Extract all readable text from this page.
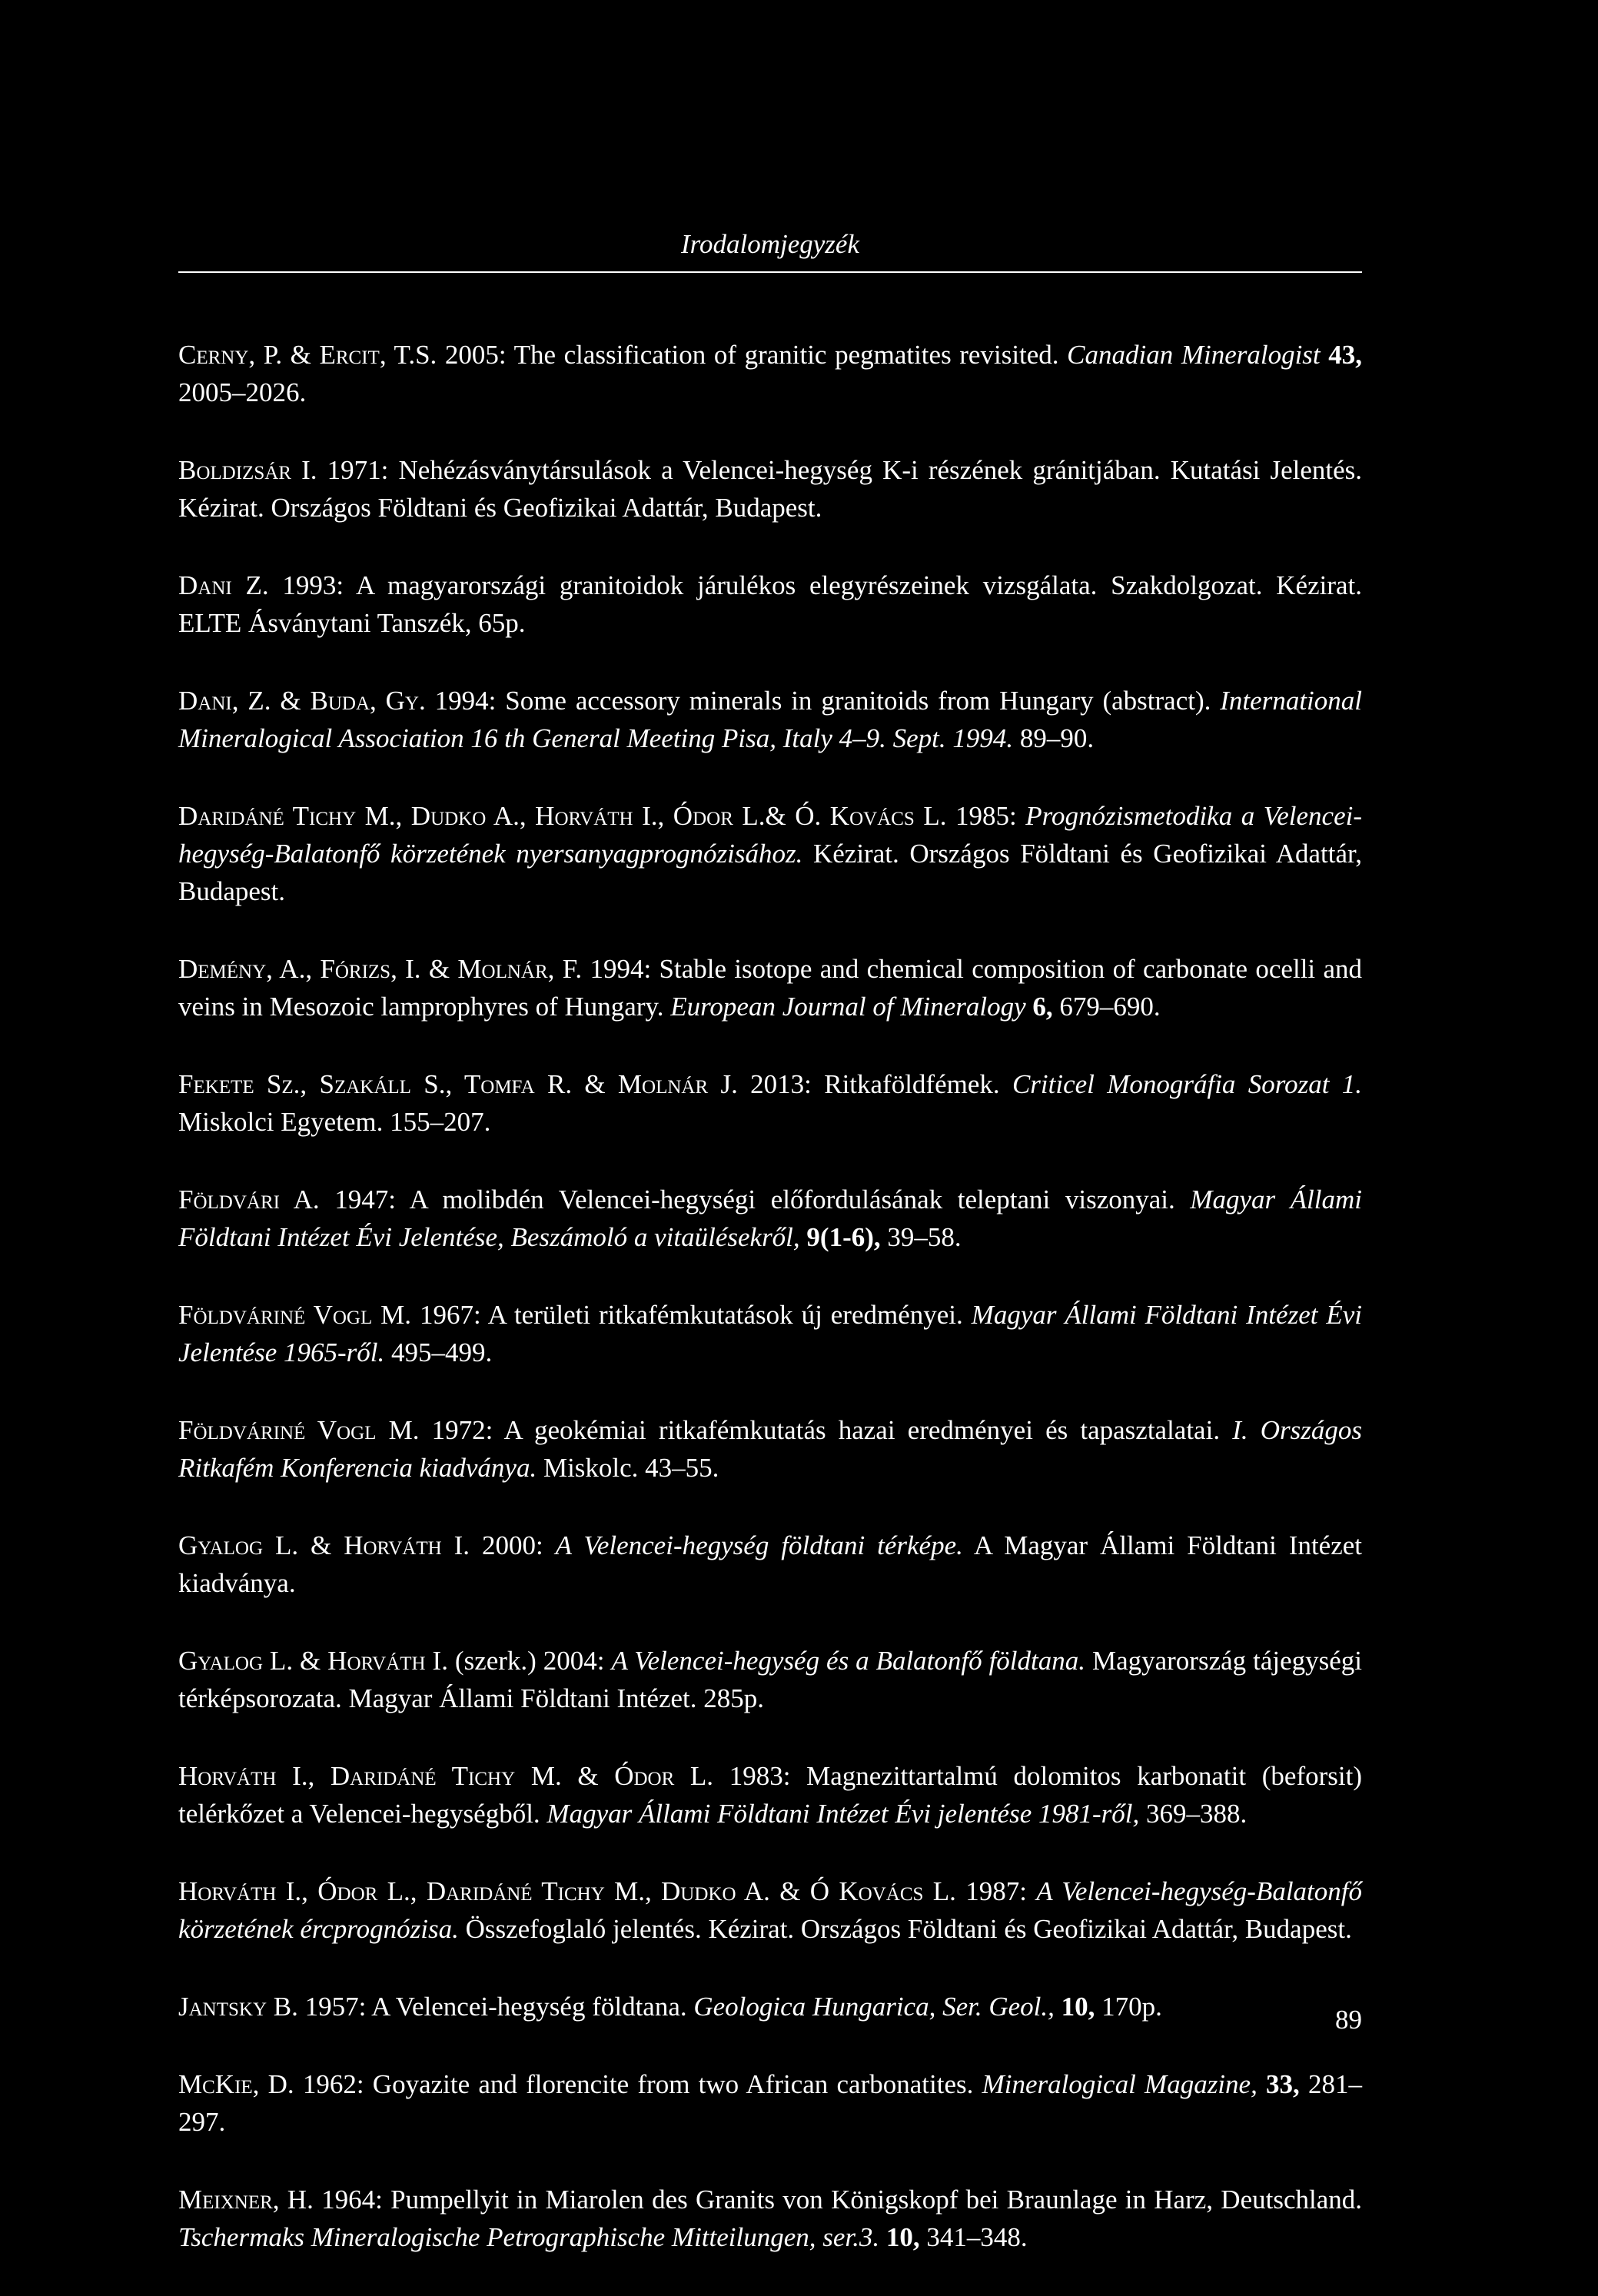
Irodalomjegyzék
Cerny, P. & Ercit, T.S. 2005: The classification of granitic pegmatites revisited. Canadian Mineralogist 43, 2005–2026.
Boldizsár I. 1971: Nehézásványtársulások a Velencei-hegység K-i részének gránitjában. Kutatási Jelentés. Kézirat. Országos Földtani és Geofizikai Adattár, Budapest.
Dani Z. 1993: A magyarországi granitoidok járulékos elegyrészeinek vizsgálata. Szakdolgozat. Kézirat. ELTE Ásványtani Tanszék, 65p.
Dani, Z. & Buda, Gy. 1994: Some accessory minerals in granitoids from Hungary (abstract). International Mineralogical Association 16 th General Meeting Pisa, Italy 4–9. Sept. 1994. 89–90.
Daridáné Tichy M., Dudko A., Horváth I., Ódor L.& Ó. Kovács L. 1985: Prognózismetodika a Velencei-hegység-Balatonfő körzetének nyersanyagprognózisához. Kézirat. Országos Földtani és Geofizikai Adattár, Budapest.
Demény, A., Fórizs, I. & Molnár, F. 1994: Stable isotope and chemical composition of carbonate ocelli and veins in Mesozoic lamprophyres of Hungary. European Journal of Mineralogy 6, 679–690.
Fekete Sz., Szakáll S., Tomfa R. & Molnár J. 2013: Ritkaföldfémek. Criticel Monográfia Sorozat 1. Miskolci Egyetem. 155–207.
Földvári A. 1947: A molibdén Velencei-hegységi előfordulásának teleptani viszonyai. Magyar Állami Földtani Intézet Évi Jelentése, Beszámoló a vitaülésekről, 9(1-6), 39–58.
Földváriné Vogl M. 1967: A területi ritkafémkutatások új eredményei. Magyar Állami Földtani Intézet Évi Jelentése 1965-ről. 495–499.
Földváriné Vogl M. 1972: A geokémiai ritkafémkutatás hazai eredményei és tapasztalatai. I. Országos Ritkafém Konferencia kiadványa. Miskolc. 43–55.
Gyalog L. & Horváth I. 2000: A Velencei-hegység földtani térképe. A Magyar Állami Földtani Intézet kiadványa.
Gyalog L. & Horváth I. (szerk.) 2004: A Velencei-hegység és a Balatonfő földtana. Magyarország tájegységi térképsorozata. Magyar Állami Földtani Intézet. 285p.
Horváth I., Daridáné Tichy M. & Ódor L. 1983: Magnezittartalmú dolomitos karbonatit (beforsit) telérkőzet a Velencei-hegységből. Magyar Állami Földtani Intézet Évi jelentése 1981-ről, 369–388.
Horváth I., Ódor L., Daridáné Tichy M., Dudko A. & Ó Kovács L. 1987: A Velencei-hegység-Balatonfő körzetének ércprognózisa. Összefoglaló jelentés. Kézirat. Országos Földtani és Geofizikai Adattár, Budapest.
Jantsky B. 1957: A Velencei-hegység földtana. Geologica Hungarica, Ser. Geol., 10, 170p.
McKie, D. 1962: Goyazite and florencite from two African carbonatites. Mineralogical Magazine, 33, 281–297.
Meixner, H. 1964: Pumpellyit in Miarolen des Granits von Königskopf bei Braunlage in Harz, Deutschland. Tschermaks Mineralogische Petrographische Mitteilungen, ser.3. 10, 341–348.
89
